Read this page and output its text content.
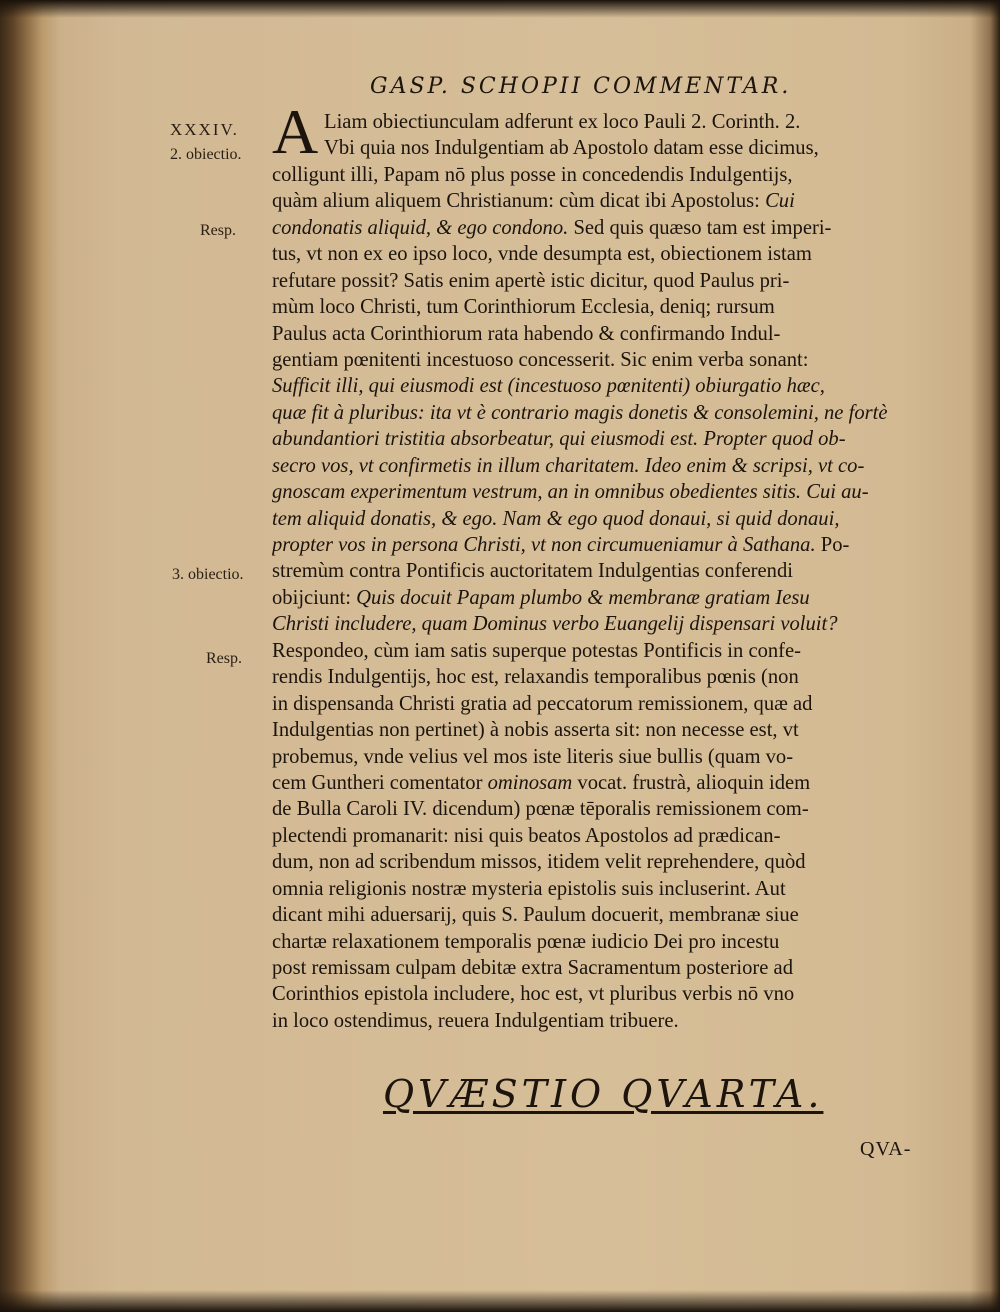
GASP. SCHOPII COMMENTAR.
XXXIV.
2. obiectio.
Resp.
3. obiectio.
Resp.
A Liam obiectiunculam adferunt ex loco Pauli 2. Corinth. 2.
Vbi quia nos Indulgentiam ab Apostolo datam esse dicimus,
colligunt illi, Papam nō plus posse in concedendis Indulgentijs,
quàm alium aliquem Christianum: cùm dicat ibi Apostolus: Cui
condonatis aliquid, & ego condono. Sed quis quæso tam est imperi-
tus, vt non ex eo ipso loco, vnde desumpta est, obiectionem istam
refutare possit? Satis enim apertè istic dicitur, quod Paulus pri-
mùm loco Christi, tum Corinthiorum Ecclesia, deniq; rursum
Paulus acta Corinthiorum rata habendo & confirmando Indul-
gentiam pœnitenti incestuoso concesserit. Sic enim verba sonant:
Sufficit illi, qui eiusmodi est (incestuoso pœnitenti) obiurgatio hæc,
quæ fit à pluribus: ita vt è contrario magis donetis & consolemini, ne fortè
abundantiori tristitia absorbeatur, qui eiusmodi est. Propter quod ob-
secro vos, vt confirmetis in illum charitatem. Ideo enim & scripsi, vt co-
gnoscam experimentum vestrum, an in omnibus obedientes sitis. Cui au-
tem aliquid donatis, & ego. Nam & ego quod donaui, si quid donaui,
propter vos in persona Christi, vt non circumueniamur à Sathana. Po-
stremùm contra Pontificis auctoritatem Indulgentias conferendi
obijciunt: Quis docuit Papam plumbo & membranæ gratiam Iesu
Christi includere, quam Dominus verbo Euangelij dispensari voluit?
Respondeo, cùm iam satis superque potestas Pontificis in confe-
rendis Indulgentijs, hoc est, relaxandis temporalibus pœnis (non
in dispensanda Christi gratia ad peccatorum remissionem, quæ ad
Indulgentias non pertinet) à nobis asserta sit: non necesse est, vt
probemus, vnde velius vel mos iste literis siue bullis (quam vo-
cem Guntheri comentator ominosam vocat. frustrà, alioquin idem
de Bulla Caroli IV. dicendum) pœnæ tēporalis remissionem com-
plectendi promanarit: nisi quis beatos Apostolos ad prædican-
dum, non ad scribendum missos, itidem velit reprehendere, quòd
omnia religionis nostræ mysteria epistolis suis incluserint. Aut
dicant mihi aduersarij, quis S. Paulum docuerit, membranæ siue
chartæ relaxationem temporalis pœnæ iudicio Dei pro incestu
post remissam culpam debitæ extra Sacramentum posteriore ad
Corinthios epistola includere, hoc est, vt pluribus verbis nō vno
in loco ostendimus, reuera Indulgentiam tribuere.
QVÆSTIO QVARTA.
QVA-
